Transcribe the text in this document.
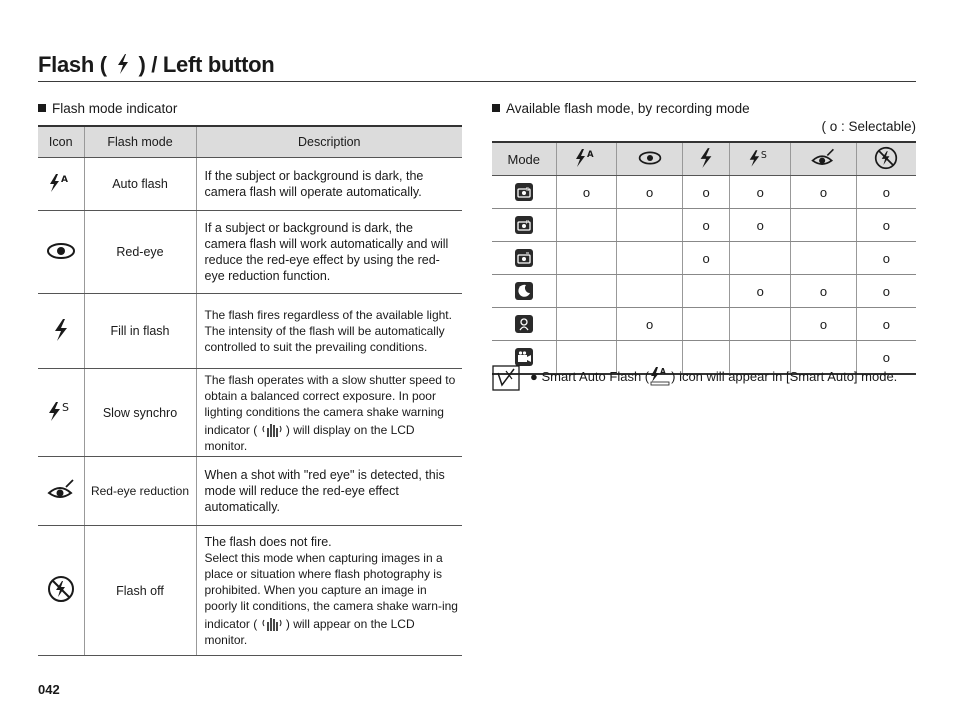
Flash ( ) / Left button
Flash mode indicator
Icon	Flash mode	Description

A	Auto flash	If the subject or background is dark, the camera flash will operate automatically.
	Red-eye	If a subject or background is dark, the camera flash will work automatically and will reduce the red-eye effect by using the red-eye reduction function.
	Fill in flash	The flash fires regardless of the available light. The intensity of the flash will be automatically controlled to suit the prevailing conditions.

S	Slow synchro	The flash operates with a slow shutter speed to obtain a balanced correct exposure. In poor lighting conditions the camera shake warning indicator ( ) will display on the LCD monitor.
	Red-eye reduction	When a shot with "red eye" is detected, this mode will reduce the red-eye effect automatically.
	Flash off	The flash does not fire.
Select this mode when capturing images in a place or situation where flash photography is prohibited. When you capture an image in poorly lit conditions, the camera shake warn-ing indicator ( ) will appear on the LCD monitor.
Available flash mode, by recording mode
( o : Selectable)
Mode	A			S

S	o	o	o	o	o	o

P			o	o		o

			o			o

*				o	o	o

		o			o	o

						o
● Smart Auto Flash ( A ) icon will appear in [Smart Auto] mode.
042
